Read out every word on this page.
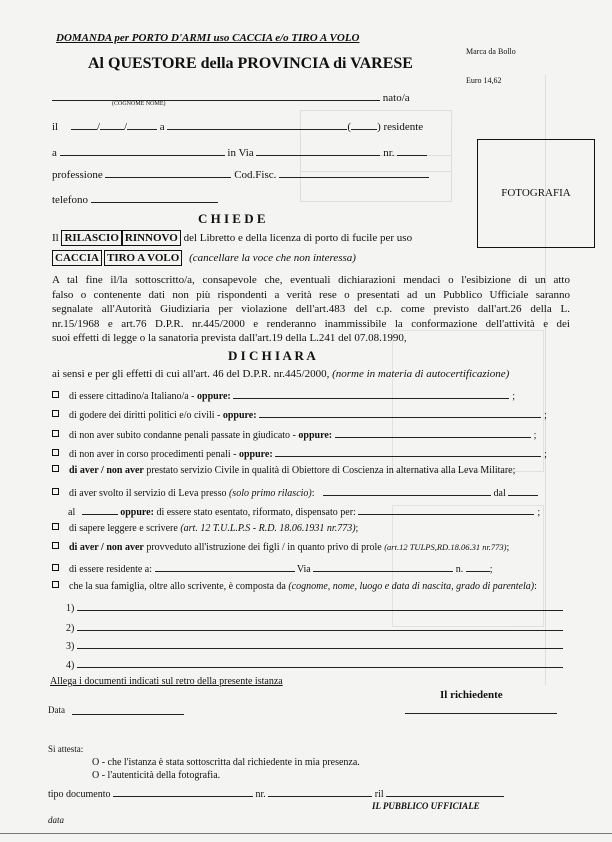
DOMANDA per PORTO D'ARMI uso CACCIA e/o TIRO A VOLO
Marca da Bollo
Al QUESTORE della PROVINCIA di VARESE
Euro 14,62
FOTOGRAFIA
nato/a
(COGNOME NOME)
il	/ /	a	( ) residente
a	in Via	nr.
professione	Cod.Fisc.
telefono
C H I E D E
Il RILASCIO RINNOVO del Libretto e della licenza di porto di fucile per uso
CACCIA TIRO A VOLO (cancellare la voce che non interessa)
A tal fine il/la sottoscritto/a, consapevole che, eventuali dichiarazioni mendaci o l'esibizione di un atto
falso o contenente dati non più rispondenti a verità rese o presentati ad un Pubblico Ufficiale saranno
segnalate all'Autorità Giudiziaria per violazione dell'art.483 del c.p. come previsto dall'art.26 della L.
nr.15/1968 e art.76 D.P.R. nr.445/2000 e renderanno inammissibile la conformazione dell'attività e dei
suoi effetti di legge o la sanatoria prevista dall'art.19 della L.241 del 07.08.1990,
D I C H I A R A
ai sensi e per gli effetti di cui all'art. 46 del D.P.R. nr.445/2000, (norme in materia di autocertificazione)
di essere cittadino/a Italiano/a - oppure:	;
di godere dei diritti politici e/o civili - oppure:	;
di non aver subito condanne penali passate in giudicato - oppure:	;
di non aver in corso procedimenti penali - oppure:	;
di aver / non aver prestato servizio Civile in qualità di Obiettore di Coscienza in alternativa alla Leva Militare;
di aver svolto il servizio di Leva presso (solo primo rilascio):	dal
al	oppure: di essere stato esentato, riformato, dispensato per:	;
di sapere leggere e scrivere (art. 12 T.U.L.P.S - R.D. 18.06.1931 nr.773);
di aver / non aver provveduto all'istruzione dei figli / in quanto privo di prole (art.12 TULPS,RD.18.06.31 nr.773);
di essere residente a:	Via	n.	;
che la sua famiglia, oltre allo scrivente, è composta da (cognome, nome, luogo e data di nascita, grado di parentela):
1)
2)
3)
4)
Allega i documenti indicati sul retro della presente istanza
Il richiedente
Data
Si attesta:
O - che l'istanza è stata sottoscritta dal richiedente in mia presenza.
O - l'autenticità della fotografia.
tipo documento	nr.	ril
IL PUBBLICO UFFICIALE
data
